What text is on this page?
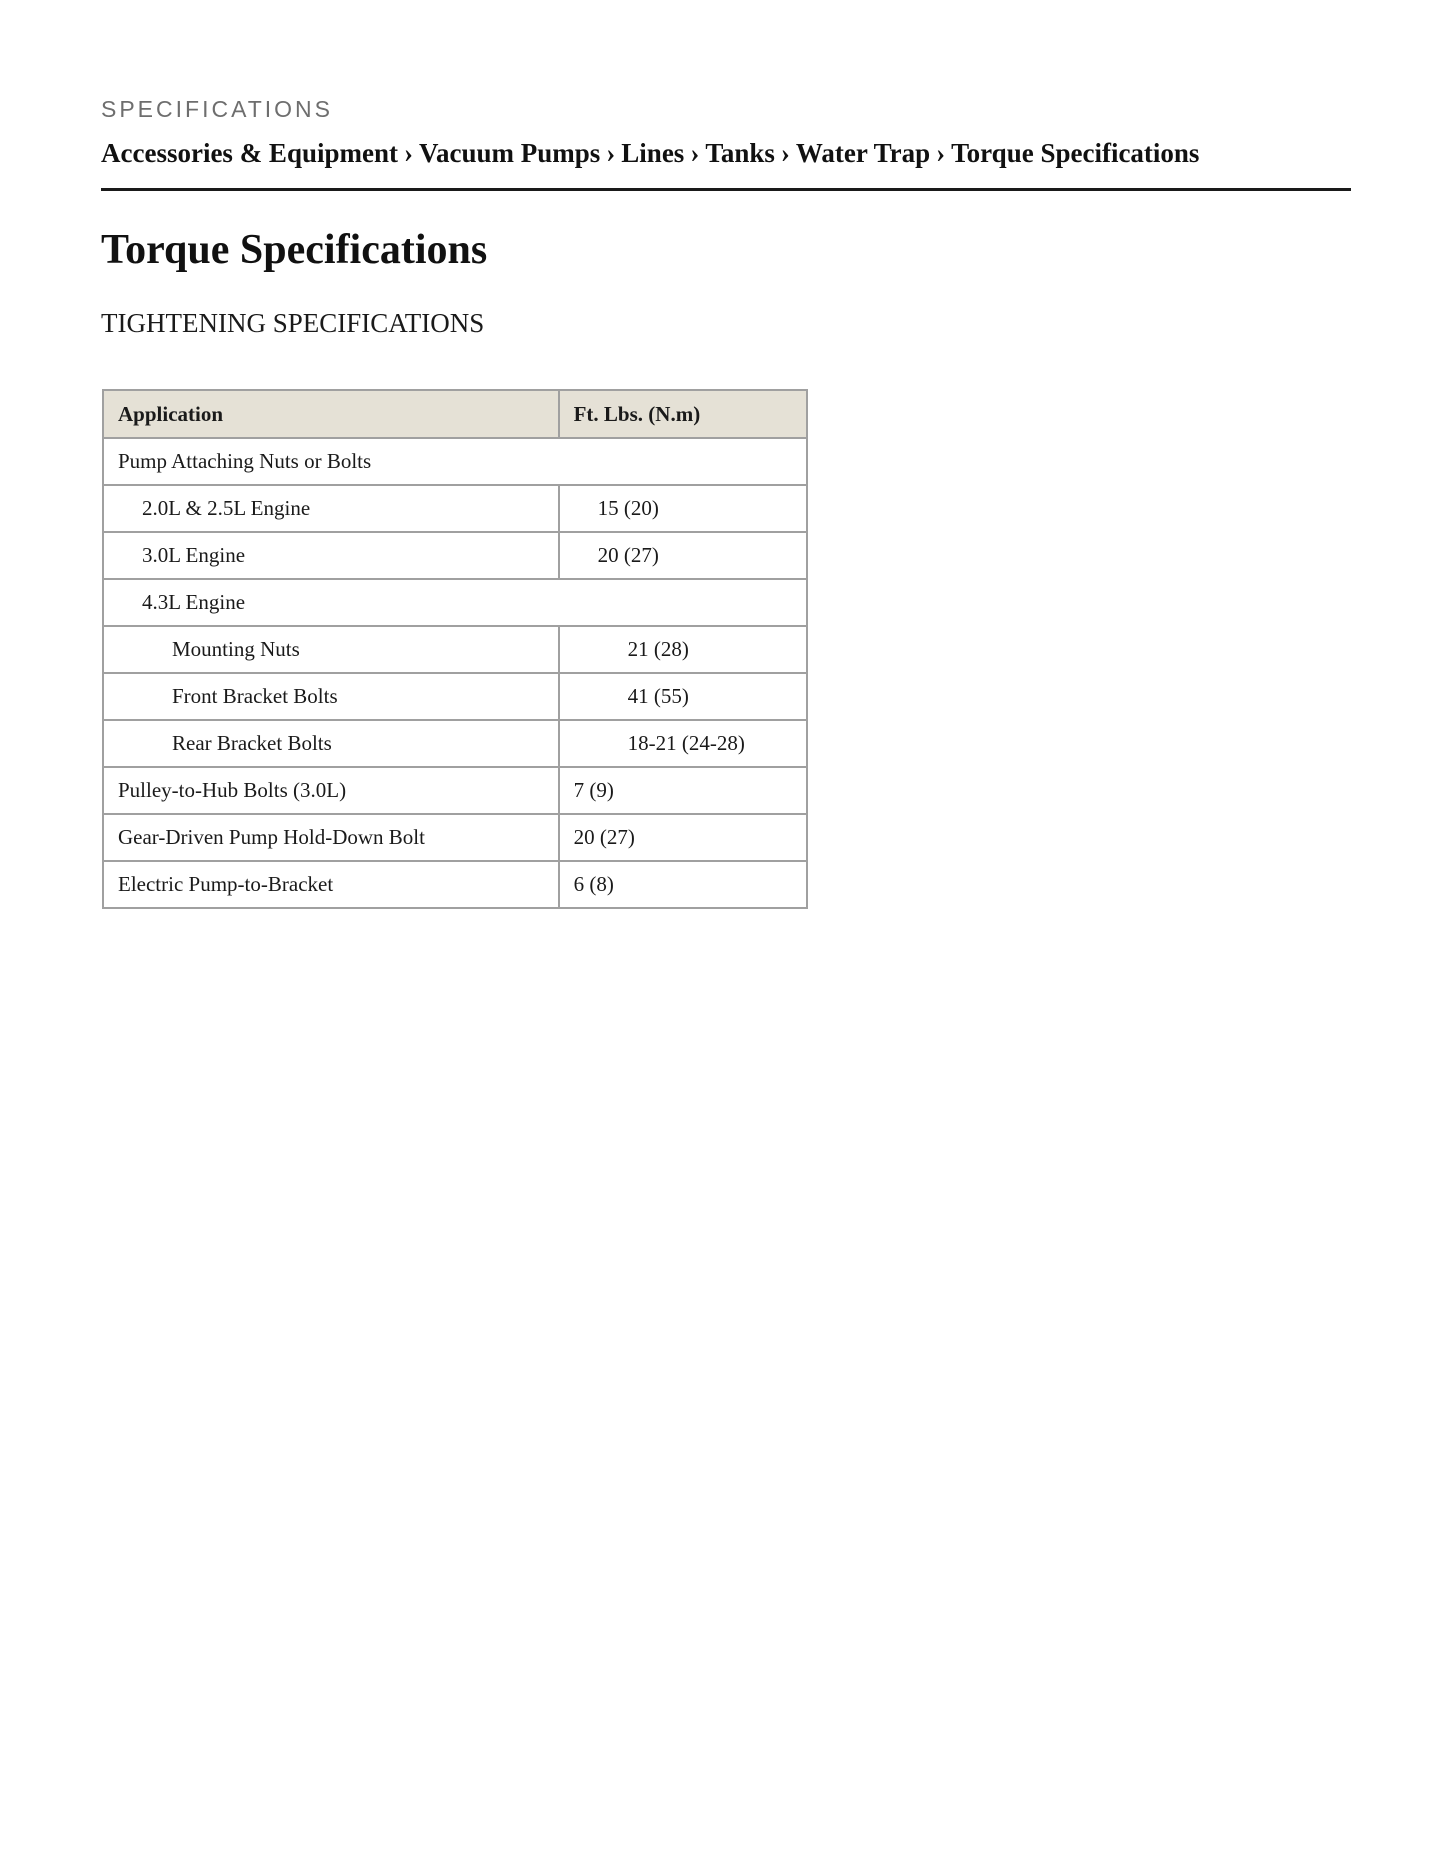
SPECIFICATIONS
Accessories & Equipment › Vacuum Pumps › Lines › Tanks › Water Trap › Torque Specifications
Torque Specifications
TIGHTENING SPECIFICATIONS
Application	Ft. Lbs. (N.m)
Pump Attaching Nuts or Bolts	
2.0L & 2.5L Engine	15 (20)
3.0L Engine	20 (27)
4.3L Engine	
Mounting Nuts	21 (28)
Front Bracket Bolts	41 (55)
Rear Bracket Bolts	18-21 (24-28)
Pulley-to-Hub Bolts (3.0L)	7 (9)
Gear-Driven Pump Hold-Down Bolt	20 (27)
Electric Pump-to-Bracket	6 (8)
